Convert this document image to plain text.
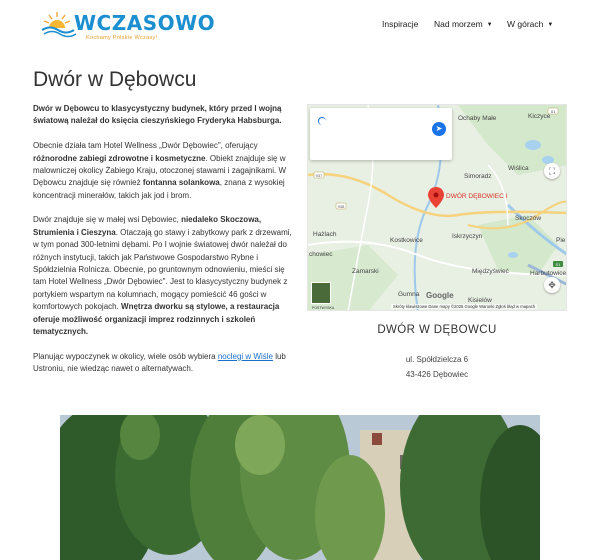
WCZASOWO
Kochamy Polskie Wczasy!
Inspiracje Nad morzem ▼ W górach ▼
Dwór w Dębowcu

Dwór w Dębowcu to klasycystyczny budynek, który przed I wojną światową należał do księcia cieszyńskiego Fryderyka Habsburga.

Obecnie działa tam Hotel Wellness „Dwór Dębowiec", oferujący różnorodne zabiegi zdrowotne i kosmetyczne. Obiekt znajduje się w malowniczej okolicy Żabiego Kraju, otoczonej stawami i zagajnikami. W Dębowcu znajduje się również fontanna solankowa, znana z wysokiej koncentracji minerałów, takich jak jod i brom.

Dwór znajduje się w małej wsi Dębowiec, niedaleko Skoczowa, Strumienia i Cieszyna. Otaczają go stawy i zabytkowy park z drzewami, w tym ponad 300-letnimi dębami. Po I wojnie światowej dwór należał do różnych instytucji, takich jak Państwowe Gospodarstwo Rybne i Spółdzielnia Rolnicza. Obecnie, po gruntownym odnowieniu, mieści się tam Hotel Wellness „Dwór Dębowiec". Jest to klasycystyczny budynek z portykiem wspartym na kolumnach, mogący pomieścić 46 gości w komfortowych pokojach. Wnętrza dworku są stylowe, a restauracja oferuje możliwość organizacji imprez rodzinnych i szkoleń tematycznych.

Planując wypoczynek w okolicy, wiele osób wybiera noclegi w Wiśle lub Ustroniu, nie wiedząc nawet o alternatywach.

937
938
81
S1
DWÓR DĘBOWIEC I
Ochaby Małe	Kiczyce
Wiślica
Simoradz
Skoczów
Hażlach
Kostkowice
Iskrzyczyn
Zamarski	Międzyświeć	Harbutowice
Gumna
Kisielów
chowiec
Pie
➤
⛶
✥
POSTWYSKA
Google
Skróty klawiszowe Dane mapy ©2025 Google Warunki Zgłoś błąd w mapach
DWÓR W DĘBOWCU
ul. Spółdzielcza 6
43-426 Dębowiec
